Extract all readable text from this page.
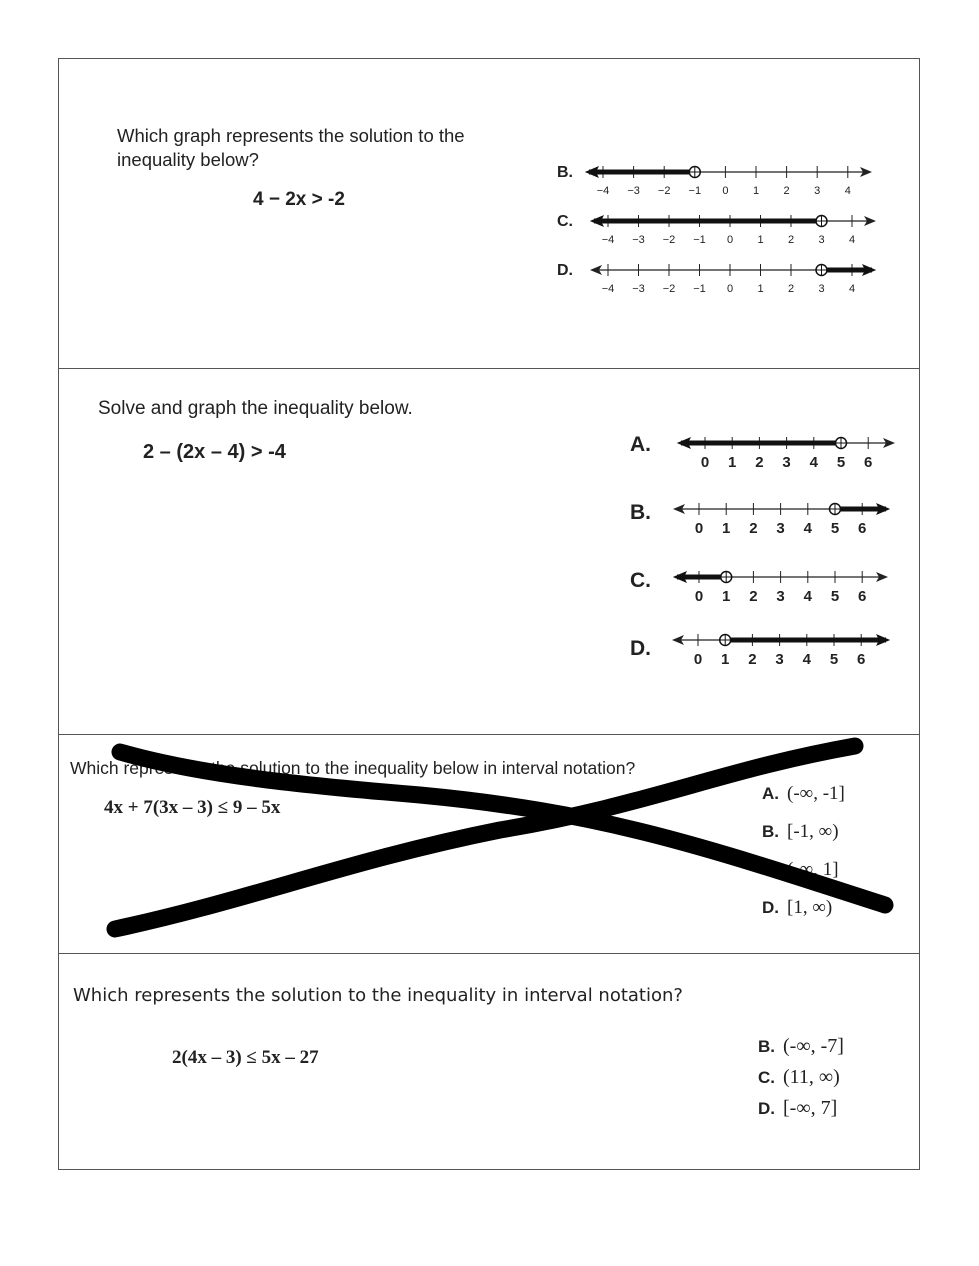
Which graph represents the solution to the
inequality below?
4 − 2x > -2
B.
−4 −3 −2 −1 0 1 2 3 4
C.
−4 −3 −2 −1 0 1 2 3 4
D.
−4 −3 −2 −1 0 1 2 3 4
Solve and graph the inequality below.
2 – (2x – 4) > -4	A.
0 1 2 3 4 5 6
B.
0 1 2 3 4 5 6
C.
0 1 2 3 4 5 6
D.	0 1 2 3 4 5 6
Which represents the solution to the inequality below in interval notation?
4x + 7(3x – 3) ≤ 9 – 5x
A. (-∞, -1]
B. [-1, ∞)
C. (-∞, 1]
D. [1, ∞)
Which represents the solution to the inequality in interval notation?
2(4x – 3) ≤ 5x – 27
B. (-∞, -7]
C. (11, ∞)
D. [-∞, 7]
